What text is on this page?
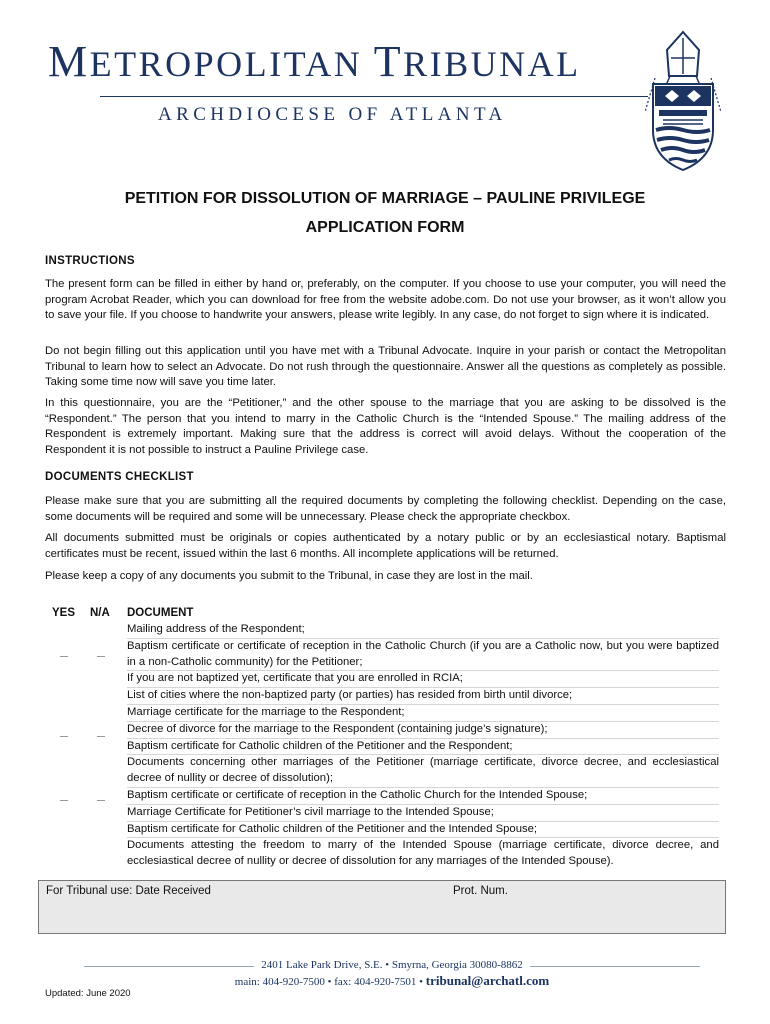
METROPOLITAN TRIBUNAL
ARCHDIOCESE OF ATLANTA
PETITION FOR DISSOLUTION OF MARRIAGE – PAULINE PRIVILEGE
APPLICATION FORM
INSTRUCTIONS

The present form can be filled in either by hand or, preferably, on the computer. If you choose to use your computer, you will need the program Acrobat Reader, which you can download for free from the website adobe.com. Do not use your browser, as it won’t allow you to save your file. If you choose to handwrite your answers, please write legibly. In any case, do not forget to sign where it is indicated.

Do not begin filling out this application until you have met with a Tribunal Advocate. Inquire in your parish or contact the Metropolitan Tribunal to learn how to select an Advocate. Do not rush through the questionnaire. Answer all the questions as completely as possible. Taking some time now will save you time later.

In this questionnaire, you are the “Petitioner,” and the other spouse to the marriage that you are asking to be dissolved is the “Respondent.” The person that you intend to marry in the Catholic Church is the “Intended Spouse.” The mailing address of the Respondent is extremely important. Making sure that the address is correct will avoid delays. Without the cooperation of the Respondent it is not possible to instruct a Pauline Privilege case.

DOCUMENTS CHECKLIST

Please make sure that you are submitting all the required documents by completing the following checklist. Depending on the case, some documents will be required and some will be unnecessary. Please check the appropriate checkbox.

All documents submitted must be originals or copies authenticated by a notary public or by an ecclesiastical notary. Baptismal certificates must be recent, issued within the last 6 months. All incomplete applications will be returned.

Please keep a copy of any documents you submit to the Tribunal, in case they are lost in the mail.

YES N/A DOCUMENT
Mailing address of the Respondent;
Baptism certificate or certificate of reception in the Catholic Church (if you are a Catholic now, but you were baptized in a non-Catholic community) for the Petitioner;
If you are not baptized yet, certificate that you are enrolled in RCIA;
List of cities where the non-baptized party (or parties) has resided from birth until divorce;
Marriage certificate for the marriage to the Respondent;
Decree of divorce for the marriage to the Respondent (containing judge’s signature);
Baptism certificate for Catholic children of the Petitioner and the Respondent;
Documents concerning other marriages of the Petitioner (marriage certificate, divorce decree, and ecclesiastical decree of nullity or decree of dissolution);
Baptism certificate or certificate of reception in the Catholic Church for the Intended Spouse;
Marriage Certificate for Petitioner’s civil marriage to the Intended Spouse;
Baptism certificate for Catholic children of the Petitioner and the Intended Spouse;
Documents attesting the freedom to marry of the Intended Spouse (marriage certificate, divorce decree, and ecclesiastical decree of nullity or decree of dissolution for any marriages of the Intended Spouse).
For Tribunal use: Date Received	Prot. Num.
2401 Lake Park Drive, S.E. • Smyrna, Georgia 30080-8862
main: 404-920-7500 • fax: 404-920-7501 • tribunal@archatl.com
Updated: June 2020
